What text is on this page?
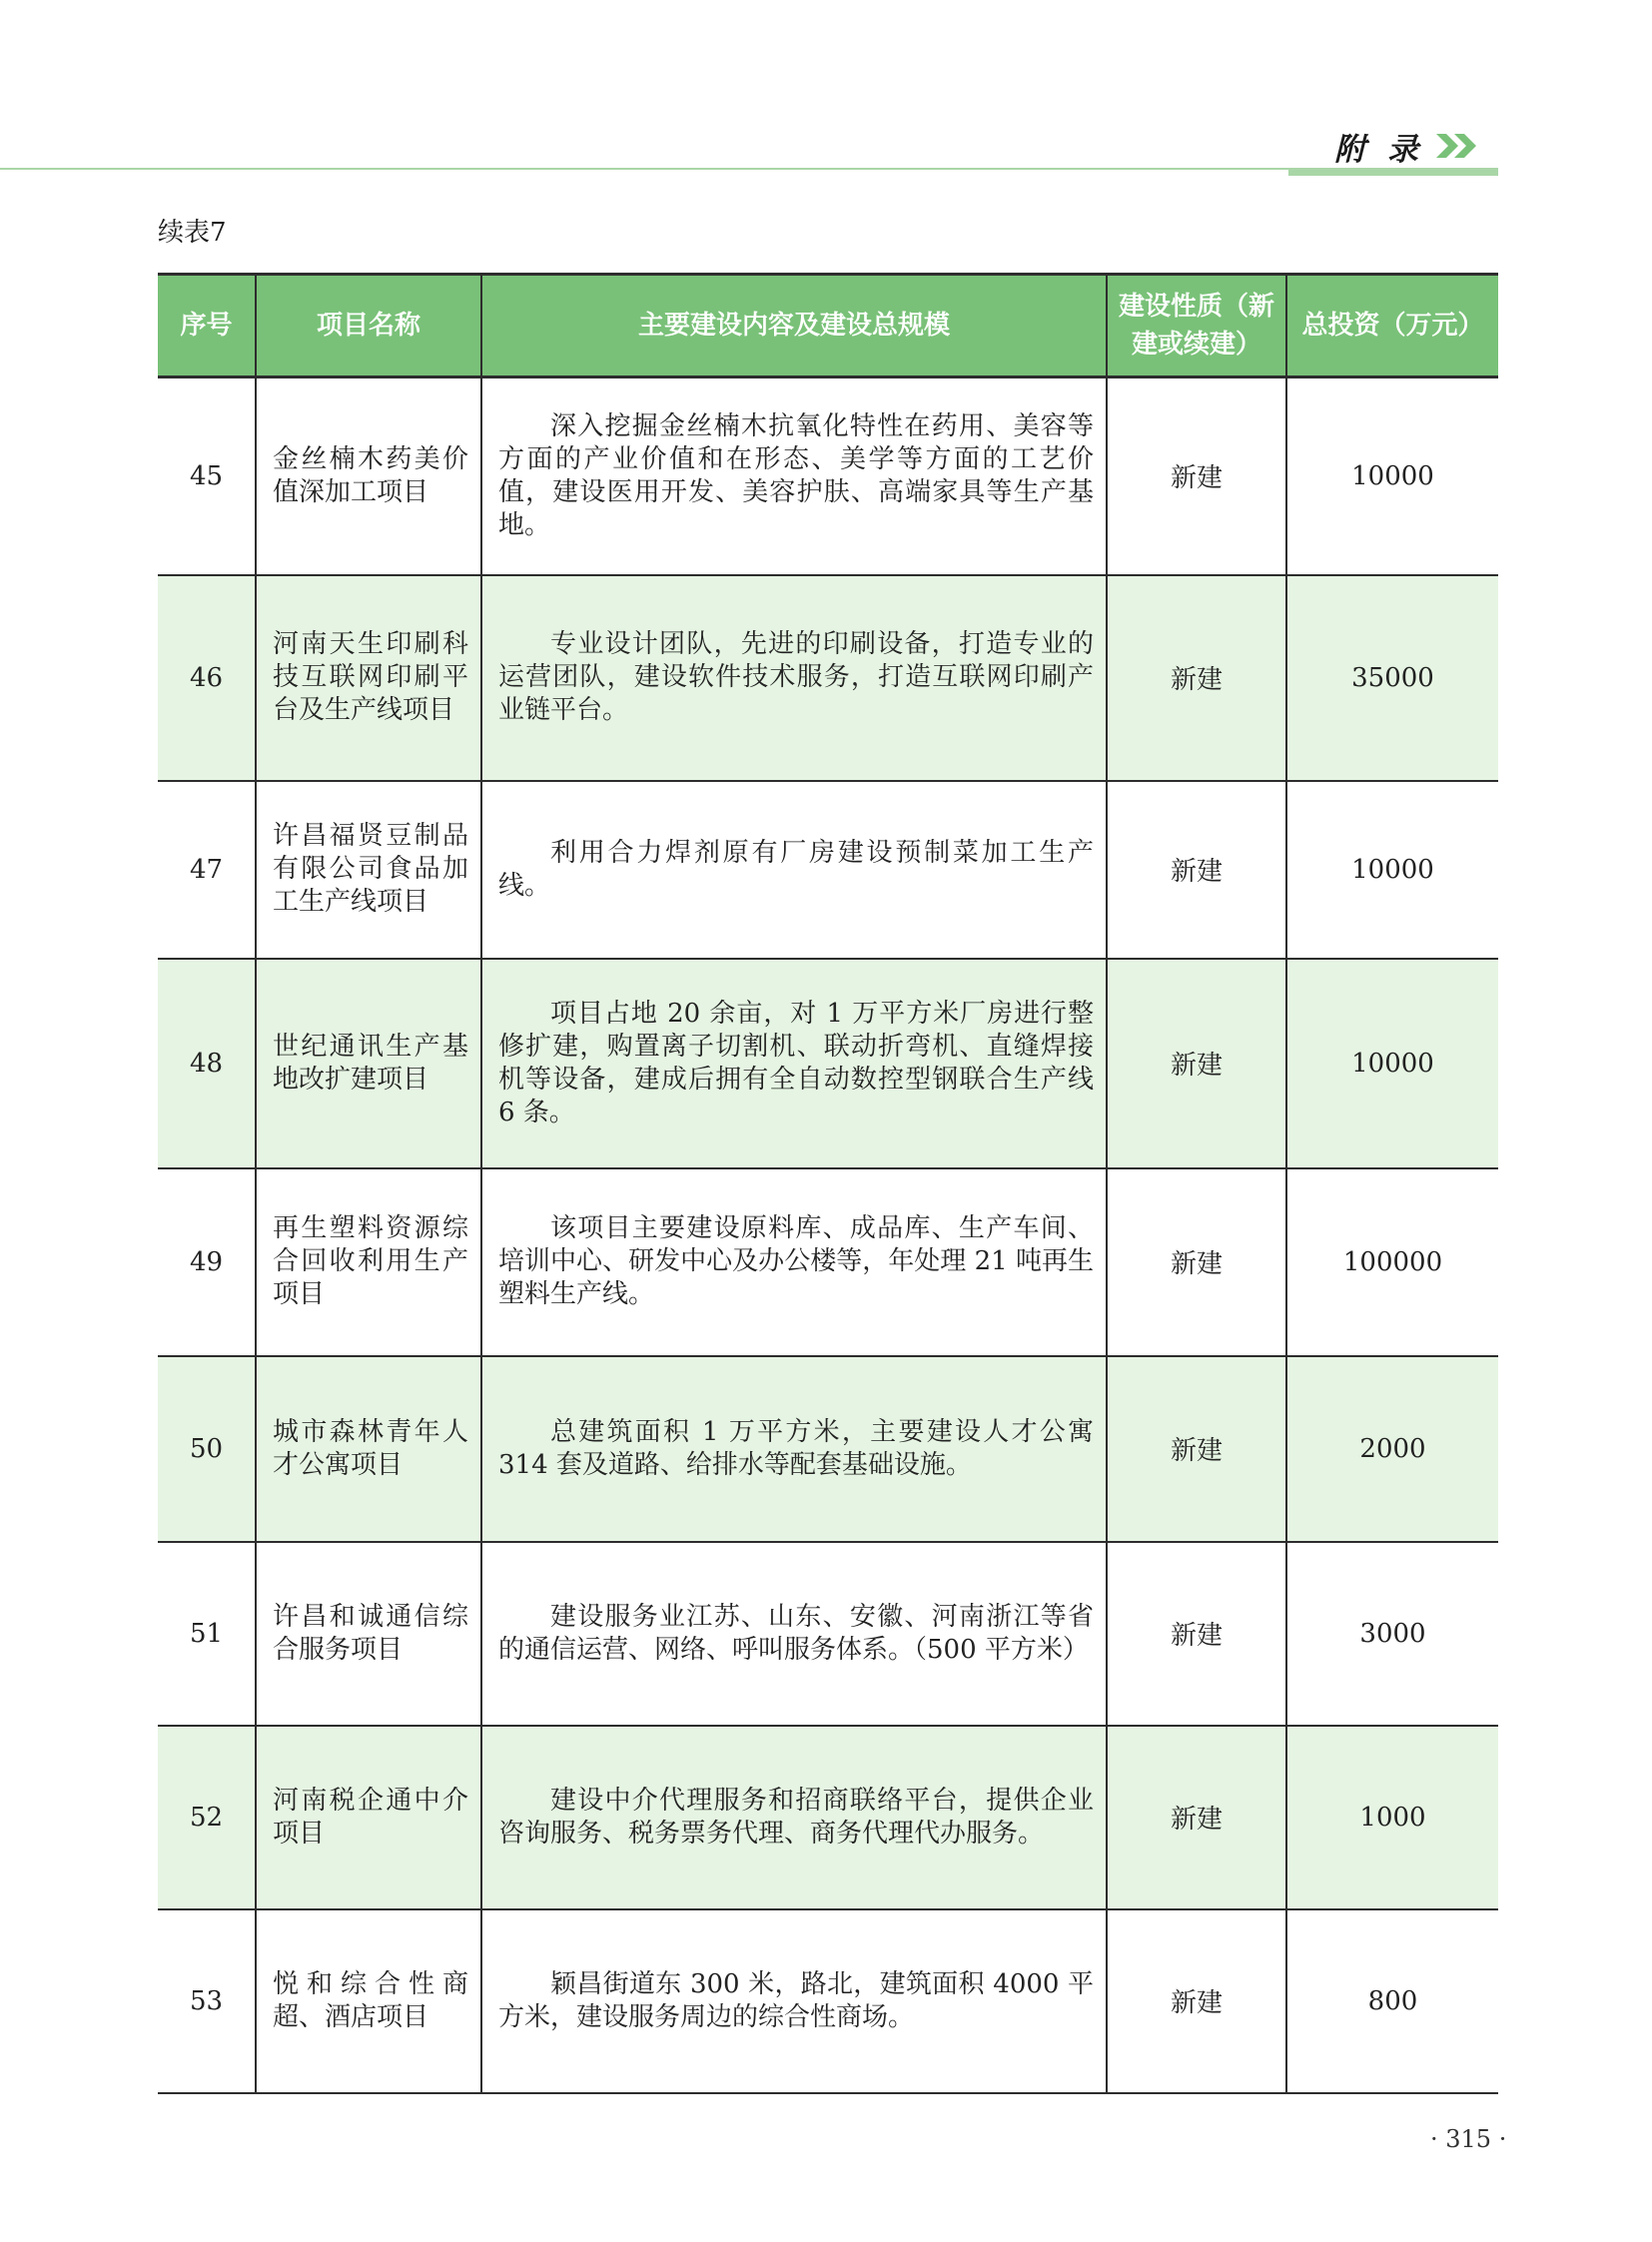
附录
续表7
序号	项目名称	主要建设内容及建设总规模	建设性质（新建或续建）	总投资（万元）
45	金丝楠木药美价值深加工项目	深入挖掘金丝楠木抗氧化特性在药用、美容等方面的产业价值和在形态、美学等方面的工艺价值，建设医用开发、美容护肤、高端家具等生产基地。	新建	10000
46	河南天生印刷科技互联网印刷平台及生产线项目	专业设计团队，先进的印刷设备，打造专业的运营团队，建设软件技术服务，打造互联网印刷产业链平台。	新建	35000
47	许昌福贤豆制品有限公司食品加工生产线项目	利用合力焊剂原有厂房建设预制菜加工生产线。	新建	10000
48	世纪通讯生产基地改扩建项目	项目占地 20 余亩，对 1 万平方米厂房进行整修扩建，购置离子切割机、联动折弯机、直缝焊接机等设备，建成后拥有全自动数控型钢联合生产线 6 条。	新建	10000
49	再生塑料资源综合回收利用生产项目	该项目主要建设原料库、成品库、生产车间、培训中心、研发中心及办公楼等，年处理 21 吨再生塑料生产线。	新建	100000
50	城市森林青年人才公寓项目	总建筑面积 1 万平方米，主要建设人才公寓 314 套及道路、给排水等配套基础设施。	新建	2000
51	许昌和诚通信综合服务项目	建设服务业江苏、山东、安徽、河南浙江等省的通信运营、网络、呼叫服务体系。（500 平方米）	新建	3000
52	河南税企通中介项目	建设中介代理服务和招商联络平台，提供企业咨询服务、税务票务代理、商务代理代办服务。	新建	1000
53	悦和综合性商超、酒店项目	颖昌街道东 300 米，路北，建筑面积 4000 平方米，建设服务周边的综合性商场。	新建	800
· 315 ·
